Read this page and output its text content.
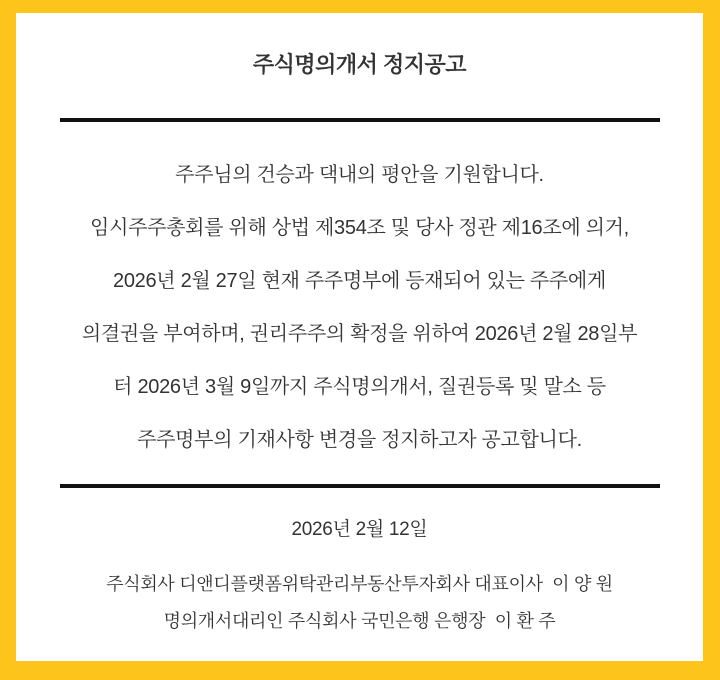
주식명의개서 정지공고

주주님의 건승과 댁내의 평안을 기원합니다.

임시주주총회를 위해 상법 제354조 및 당사 정관 제16조에 의거,

2026년 2월 27일 현재 주주명부에 등재되어 있는 주주에게

의결권을 부여하며, 권리주주의 확정을 위하여 2026년 2월 28일부

터 2026년 3월 9일까지 주식명의개서, 질권등록 및 말소 등

주주명부의 기재사항 변경을 정지하고자 공고합니다.

2026년 2월 12일

주식회사 디앤디플랫폼위탁관리부동산투자회사 대표이사  이 양 원

명의개서대리인 주식회사 국민은행 은행장  이 환 주
